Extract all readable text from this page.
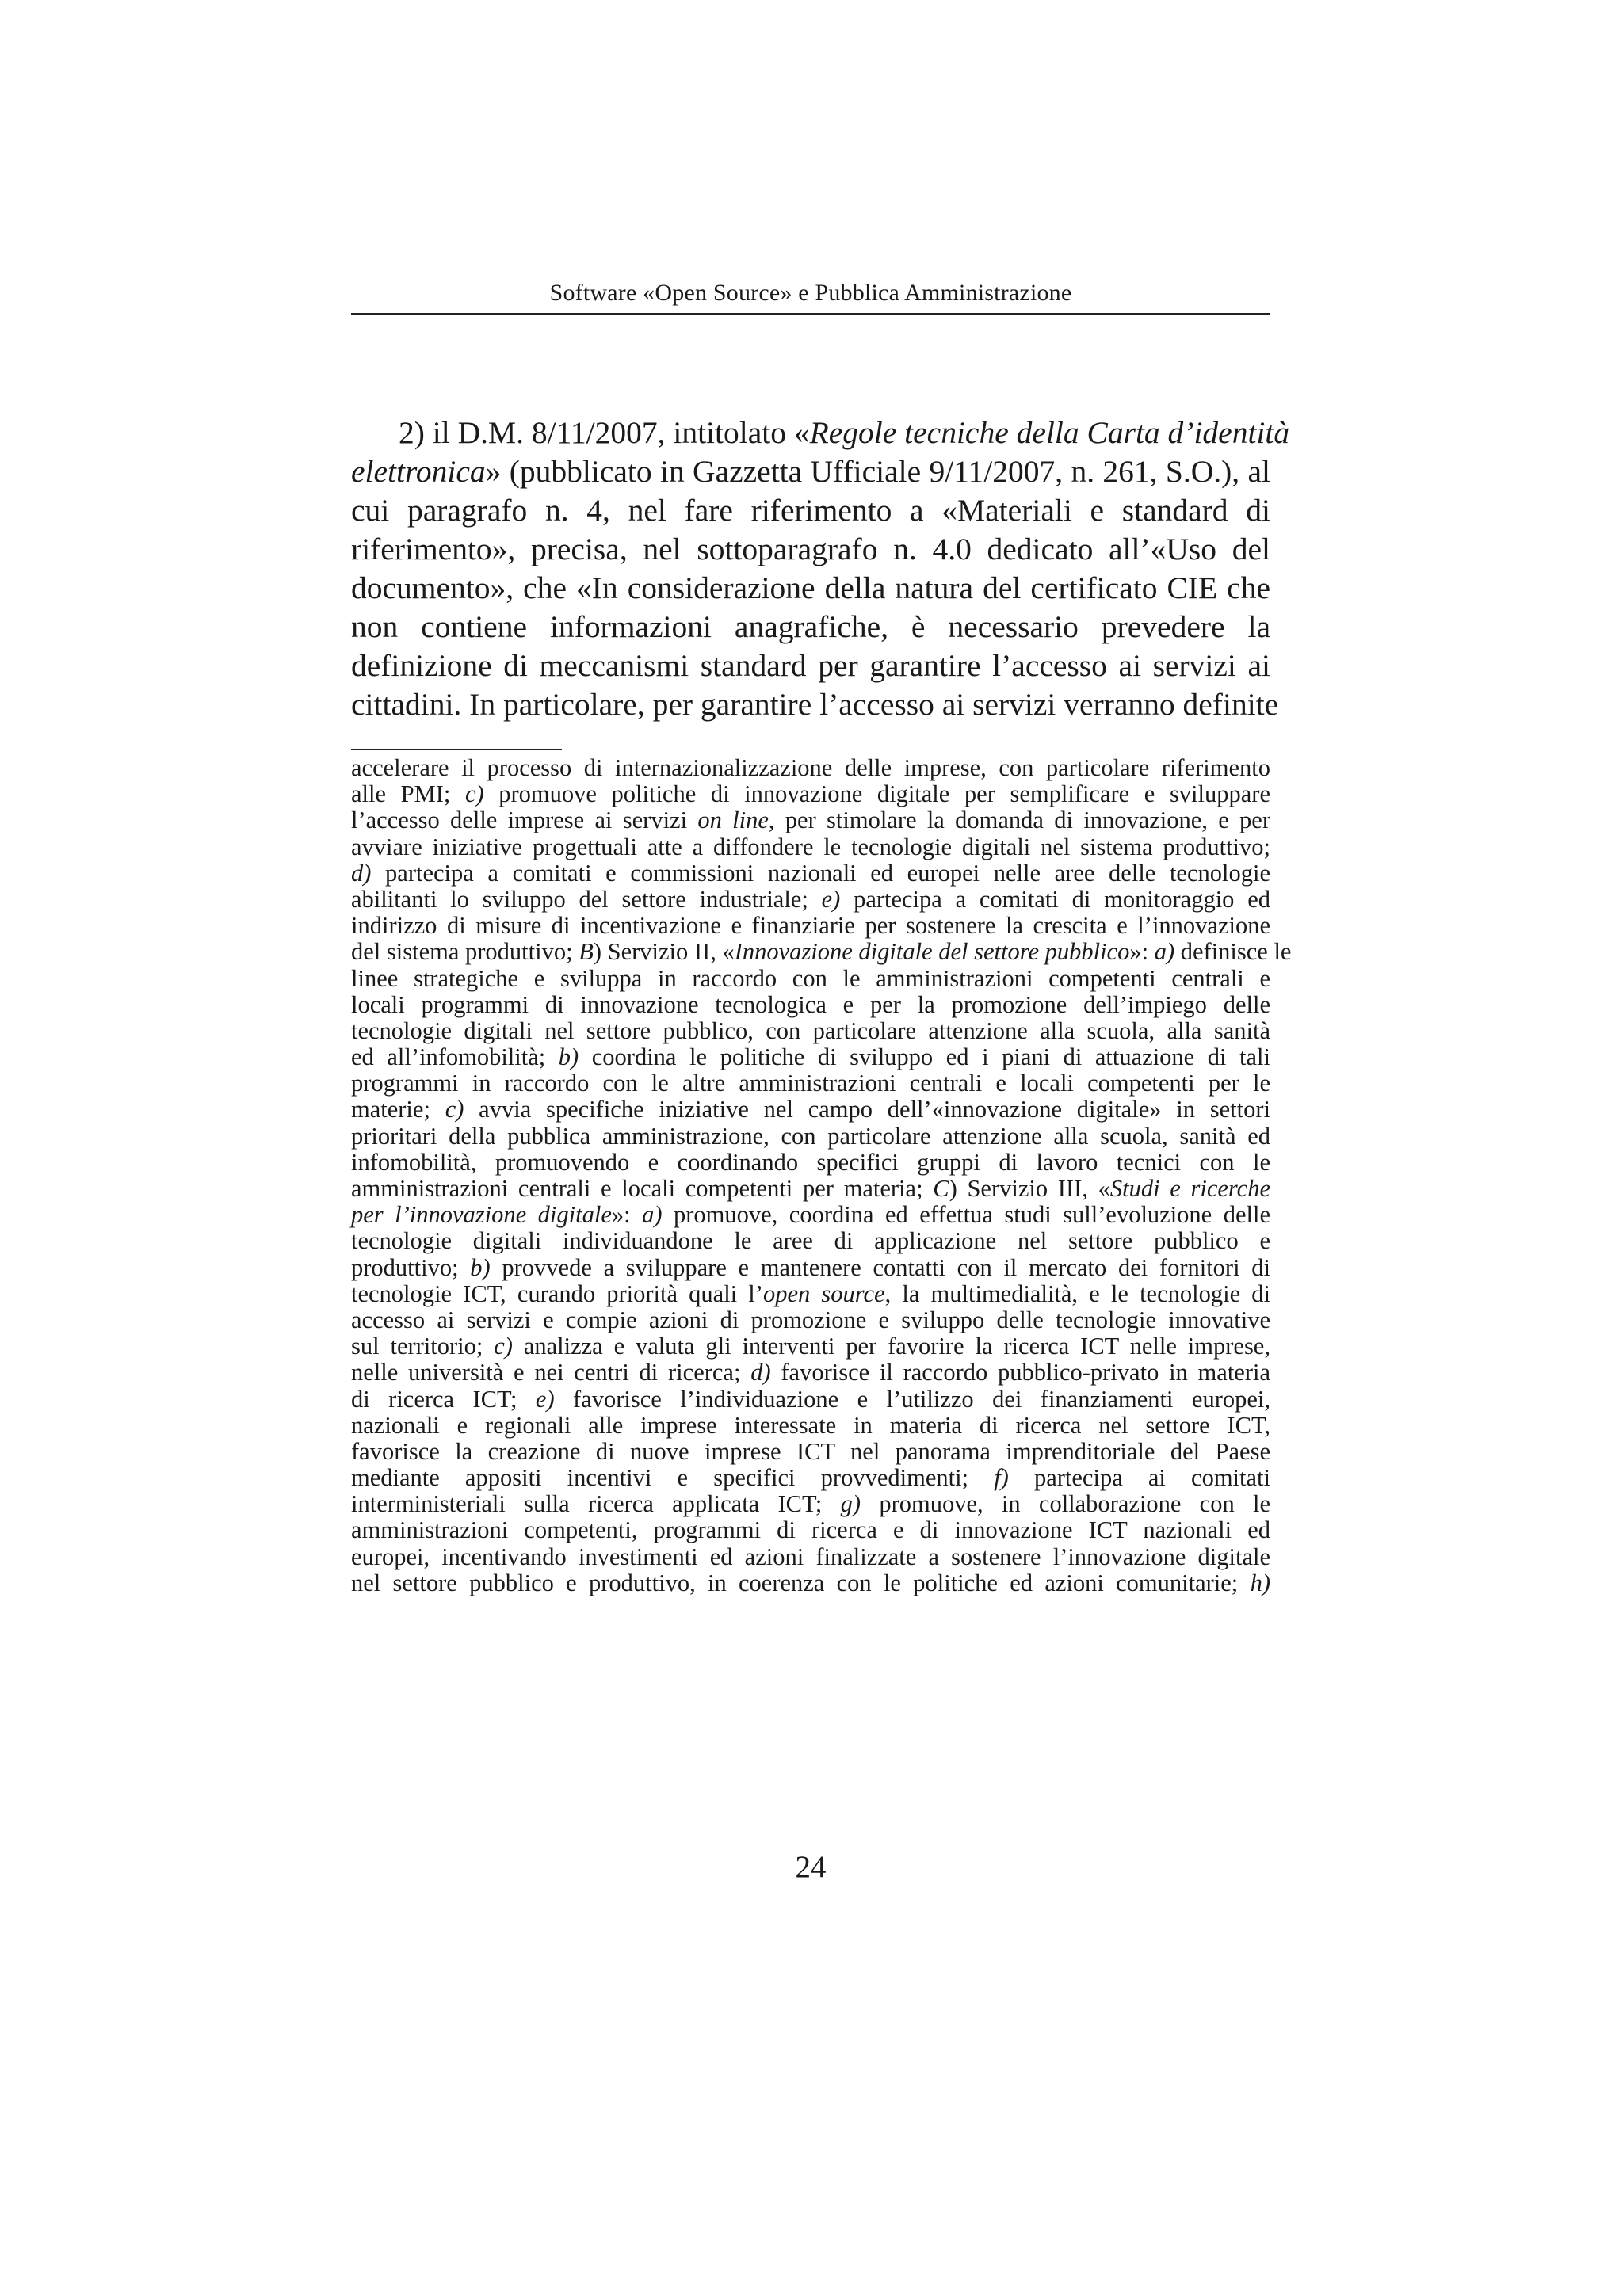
Software «Open Source» e Pubblica Amministrazione
2) il D.M. 8/11/2007, intitolato «Regole tecniche della Carta d’identità
elettronica» (pubblicato in Gazzetta Ufficiale 9/11/2007, n. 261, S.O.), al
cui paragrafo n. 4, nel fare riferimento a «Materiali e standard di
riferimento», precisa, nel sottoparagrafo n. 4.0 dedicato all’«Uso del
documento», che «In considerazione della natura del certificato CIE che
non contiene informazioni anagrafiche, è necessario prevedere la
definizione di meccanismi standard per garantire l’accesso ai servizi ai
cittadini. In particolare, per garantire l’accesso ai servizi verranno definite
accelerare il processo di internazionalizzazione delle imprese, con particolare riferimento
alle PMI; c) promuove politiche di innovazione digitale per semplificare e sviluppare
l’accesso delle imprese ai servizi on line, per stimolare la domanda di innovazione, e per
avviare iniziative progettuali atte a diffondere le tecnologie digitali nel sistema produttivo;
d) partecipa a comitati e commissioni nazionali ed europei nelle aree delle tecnologie
abilitanti lo sviluppo del settore industriale; e) partecipa a comitati di monitoraggio ed
indirizzo di misure di incentivazione e finanziarie per sostenere la crescita e l’innovazione
del sistema produttivo; B) Servizio II, «Innovazione digitale del settore pubblico»: a) definisce le
linee strategiche e sviluppa in raccordo con le amministrazioni competenti centrali e
locali programmi di innovazione tecnologica e per la promozione dell’impiego delle
tecnologie digitali nel settore pubblico, con particolare attenzione alla scuola, alla sanità
ed all’infomobilità; b) coordina le politiche di sviluppo ed i piani di attuazione di tali
programmi in raccordo con le altre amministrazioni centrali e locali competenti per le
materie; c) avvia specifiche iniziative nel campo dell’«innovazione digitale» in settori
prioritari della pubblica amministrazione, con particolare attenzione alla scuola, sanità ed
infomobilità, promuovendo e coordinando specifici gruppi di lavoro tecnici con le
amministrazioni centrali e locali competenti per materia; C) Servizio III, «Studi e ricerche
per l’innovazione digitale»: a) promuove, coordina ed effettua studi sull’evoluzione delle
tecnologie digitali individuandone le aree di applicazione nel settore pubblico e
produttivo; b) provvede a sviluppare e mantenere contatti con il mercato dei fornitori di
tecnologie ICT, curando priorità quali l’open source, la multimedialità, e le tecnologie di
accesso ai servizi e compie azioni di promozione e sviluppo delle tecnologie innovative
sul territorio; c) analizza e valuta gli interventi per favorire la ricerca ICT nelle imprese,
nelle università e nei centri di ricerca; d) favorisce il raccordo pubblico-privato in materia
di ricerca ICT; e) favorisce l’individuazione e l’utilizzo dei finanziamenti europei,
nazionali e regionali alle imprese interessate in materia di ricerca nel settore ICT,
favorisce la creazione di nuove imprese ICT nel panorama imprenditoriale del Paese
mediante appositi incentivi e specifici provvedimenti; f) partecipa ai comitati
interministeriali sulla ricerca applicata ICT; g) promuove, in collaborazione con le
amministrazioni competenti, programmi di ricerca e di innovazione ICT nazionali ed
europei, incentivando investimenti ed azioni finalizzate a sostenere l’innovazione digitale
nel settore pubblico e produttivo, in coerenza con le politiche ed azioni comunitarie; h)
24
